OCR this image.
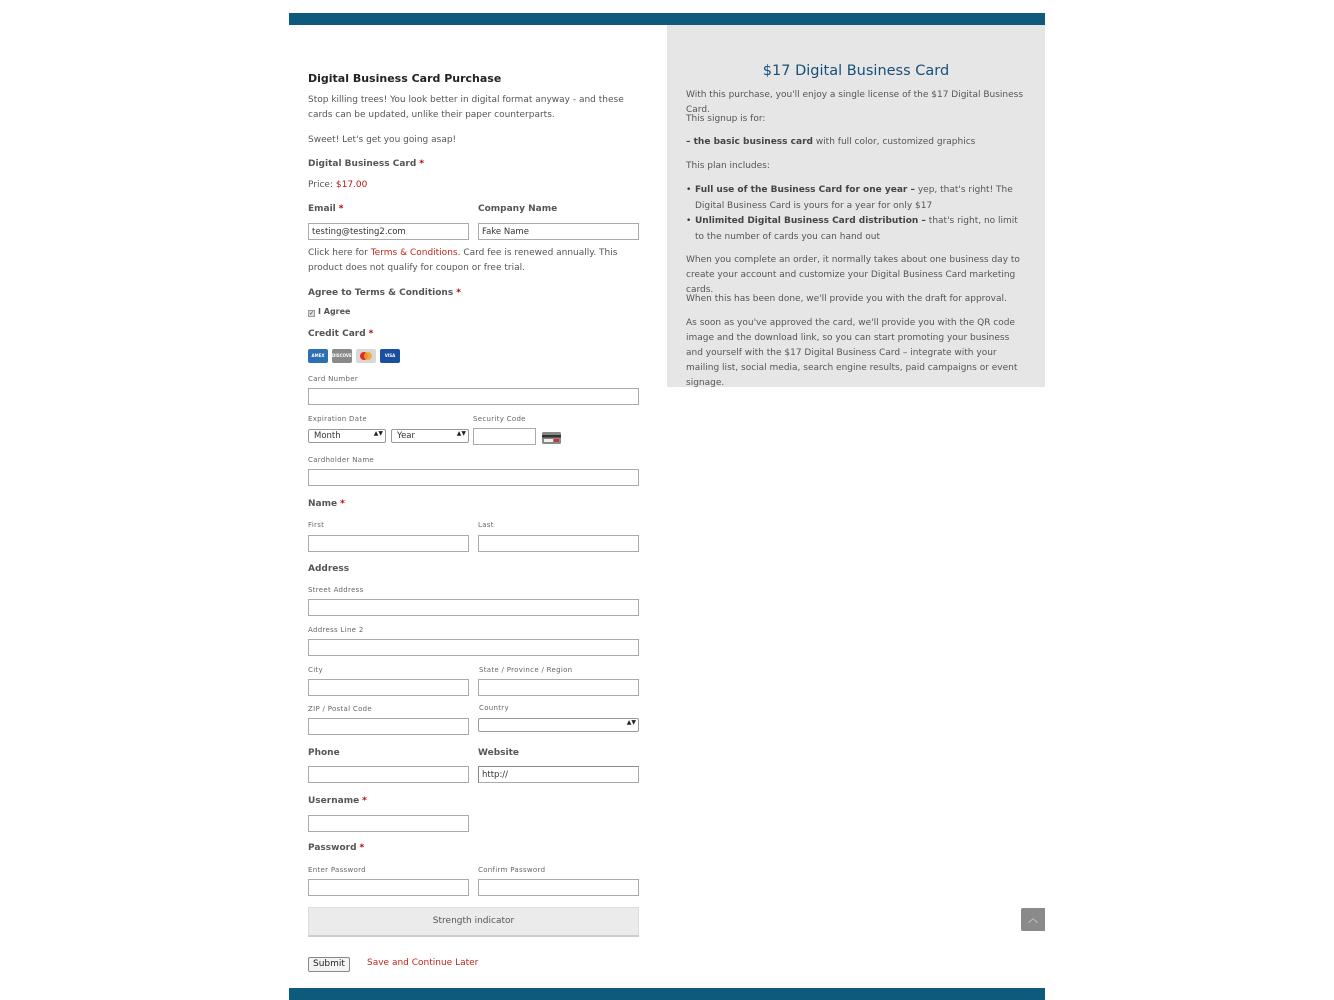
Digital Business Card Purchase

Stop killing trees! You look better in digital format anyway - and these cards can be updated, unlike their paper counterparts.

Sweet! Let's get you going asap!

Digital Business Card *
Price: $17.00
Email *
testing@testing2.com
Company Name
Fake Name

Click here for Terms & Conditions. Card fee is renewed annually. This product does not qualify for coupon or free trial.

Agree to Terms & Conditions *
✓ I Agree
Credit Card *
AMEX	DISCOVER	VISA
Card Number
Expiration Date
Month	▲▼	Year	▲▼
Security Code
Cardholder Name
Name *
First	Last
Address
Street Address
Address Line 2
City	State / Province / Region
ZIP / Postal Code	Country
▲▼
Phone	Website
http://
Username *
Password *
Enter Password	Confirm Password
Strength indicator
Submit	Save and Continue Later
$17 Digital Business Card

With this purchase, you'll enjoy a single license of the $17 Digital Business Card.

This signup is for:

– the basic business card with full color, customized graphics

This plan includes:

• Full use of the Business Card for one year – yep, that's right! The Digital Business Card is yours for a year for only $17
• Unlimited Digital Business Card distribution – that's right, no limit to the number of cards you can hand out

When you complete an order, it normally takes about one business day to create your account and customize your Digital Business Card marketing cards.

When this has been done, we'll provide you with the draft for approval.

As soon as you've approved the card, we'll provide you with the QR code image and the download link, so you can start promoting your business and yourself with the $17 Digital Business Card – integrate with your mailing list, social media, search engine results, paid campaigns or event signage.

︿
